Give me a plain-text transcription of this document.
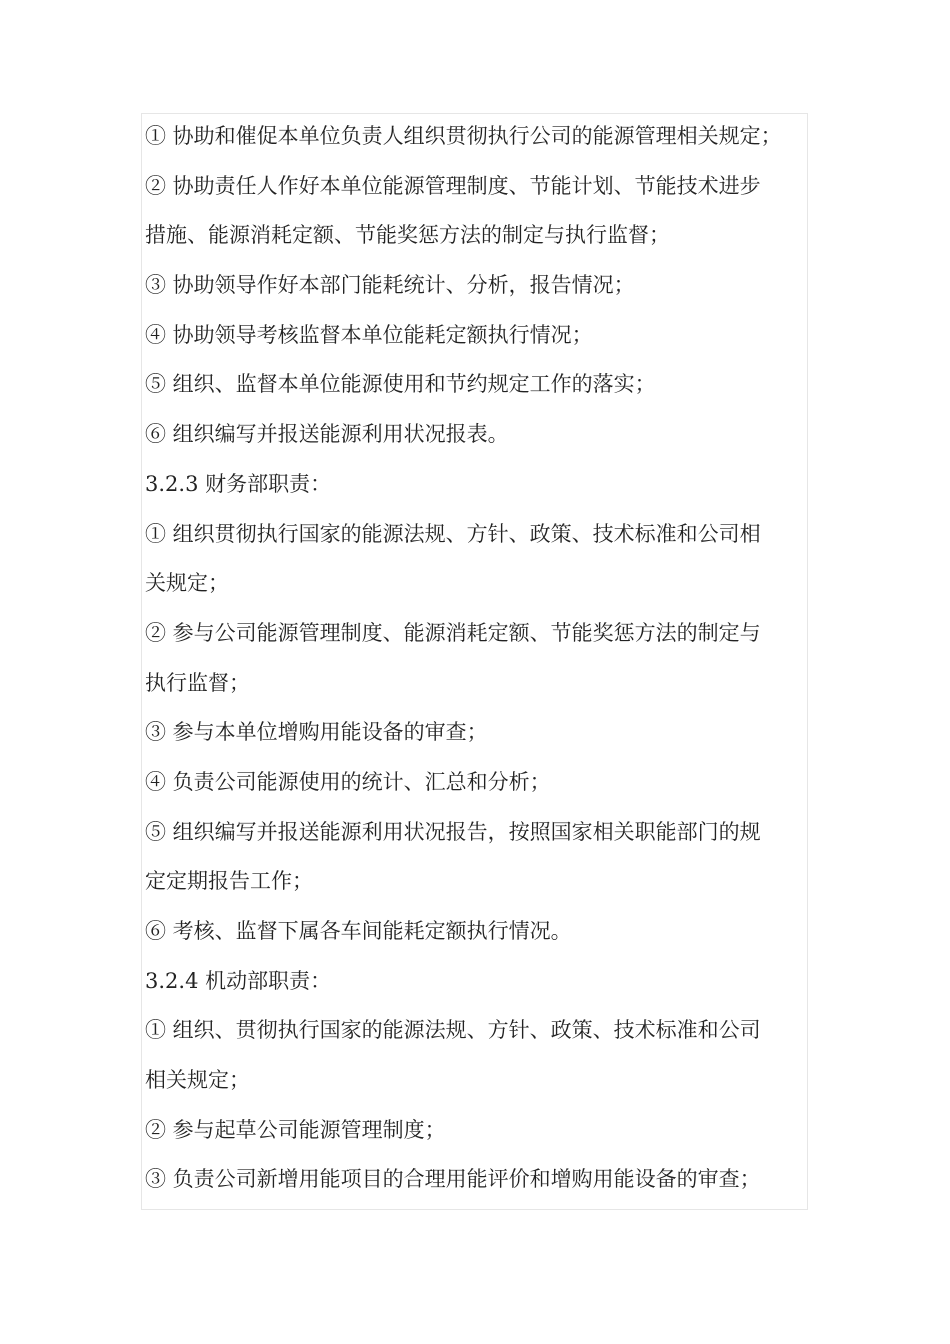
① 协助和催促本单位负责人组织贯彻执行公司的能源管理相关规定；
② 协助责任人作好本单位能源管理制度、节能计划、节能技术进步
措施、能源消耗定额、节能奖惩方法的制定与执行监督；
③ 协助领导作好本部门能耗统计、分析，报告情况；
④ 协助领导考核监督本单位能耗定额执行情况；
⑤ 组织、监督本单位能源使用和节约规定工作的落实；
⑥ 组织编写并报送能源利用状况报表。
3.2.3 财务部职责：
① 组织贯彻执行国家的能源法规、方针、政策、技术标准和公司相
关规定；
② 参与公司能源管理制度、能源消耗定额、节能奖惩方法的制定与
执行监督；
③ 参与本单位增购用能设备的审查；
④ 负责公司能源使用的统计、汇总和分析；
⑤ 组织编写并报送能源利用状况报告，按照国家相关职能部门的规
定定期报告工作；
⑥ 考核、监督下属各车间能耗定额执行情况。
3.2.4 机动部职责：
① 组织、贯彻执行国家的能源法规、方针、政策、技术标准和公司
相关规定；
② 参与起草公司能源管理制度；
③ 负责公司新增用能项目的合理用能评价和增购用能设备的审查；
